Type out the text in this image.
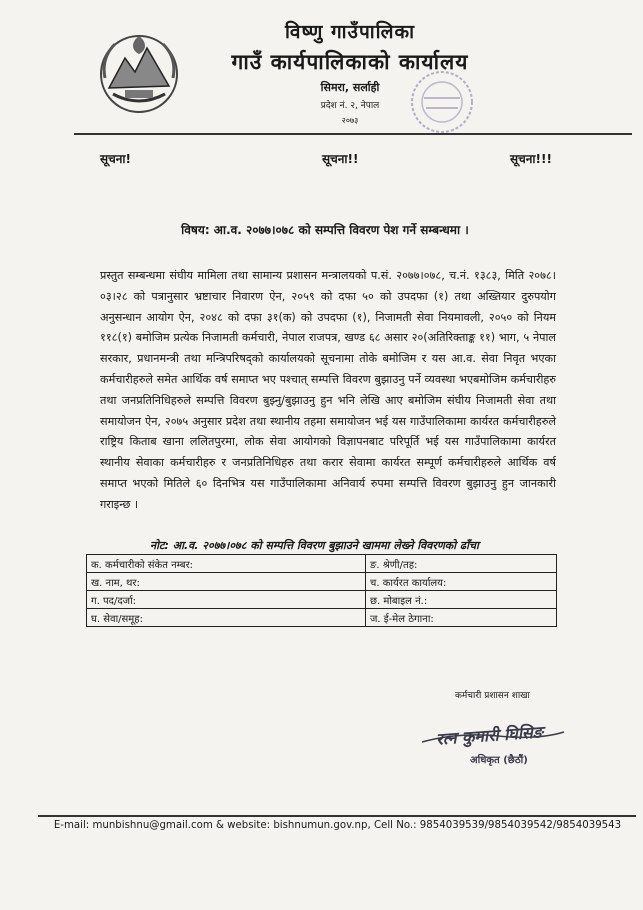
विष्णु गाउँपालिका
गाउँ कार्यपालिकाको कार्यालय
सिमरा, सर्लाही
प्रदेश नं. २, नेपाल
२०७३
सूचना!	सूचना!!	सूचना!!!
विषय: आ.व. २०७७।०७८ को सम्पत्ति विवरण पेश गर्ने सम्बन्धमा ।

प्रस्तुत सम्बन्धमा संघीय मामिला तथा सामान्य प्रशासन मन्त्रालयको प.सं. २०७७।०७८, च.नं. १३८३, मिति २०७८।०३।२८ को पत्रानुसार भ्रष्टाचार निवारण ऐन, २०५९ को दफा ५० को उपदफा (१) तथा अख्तियार दुरुपयोग अनुसन्धान आयोग ऐन, २०४८ को दफा ३१(क) को उपदफा (१), निजामती सेवा नियमावली, २०५० को नियम ११८(१) बमोजिम प्रत्येक निजामती कर्मचारी, नेपाल राजपत्र, खण्ड ६८ असार २०(अतिरिक्ताङ्क ११) भाग, ५ नेपाल सरकार, प्रधानमन्त्री तथा मन्त्रिपरिषद्को कार्यालयको सूचनामा तोके बमोजिम र यस आ.व. सेवा निवृत भएका कर्मचारीहरुले समेत आर्थिक वर्ष समाप्त भए पश्चात् सम्पत्ति विवरण बुझाउनु पर्ने व्यवस्था भएबमोजिम कर्मचारीहरु तथा जनप्रतिनिधिहरुले सम्पत्ति विवरण बुझ्नु/बुझाउनु हुन भनि लेखि आए बमोजिम संघीय निजामती सेवा तथा समायोजन ऐन, २०७५ अनुसार प्रदेश तथा स्थानीय तहमा समायोजन भई यस गाउँपालिकामा कार्यरत कर्मचारीहरुले राष्ट्रिय किताब खाना ललितपुरमा, लोक सेवा आयोगको विज्ञापनबाट परिपूर्ति भई यस गाउँपालिकामा कार्यरत स्थानीय सेवाका कर्मचारीहरु र जनप्रतिनिधिहरु तथा करार सेवामा कार्यरत सम्पूर्ण कर्मचारीहरुले आर्थिक वर्ष समाप्त भएको मितिले ६० दिनभित्र यस गाउँपालिकामा अनिवार्य रुपमा सम्पत्ति विवरण बुझाउनु हुन जानकारी गराइन्छ ।

नोट: आ.व. २०७७।०७८ को सम्पत्ति विवरण बुझाउने खाममा लेख्ने विवरणको ढाँचा
क. कर्मचारीको संकेत नम्बर:	ङ. श्रेणी/तह:
ख. नाम, थर:	च. कार्यरत कार्यालय:
ग. पद/दर्जा:	छ. मोबाइल नं.:
घ. सेवा/समूह:	ज. ई-मेल ठेगाना:
कर्मचारी प्रशासन शाखा
रत्न कुमारी घिसिङ
अधिकृत (छैठौं)
E-mail: munbishnu@gmail.com & website: bishnumun.gov.np, Cell No.: 9854039539/9854039542/9854039543
